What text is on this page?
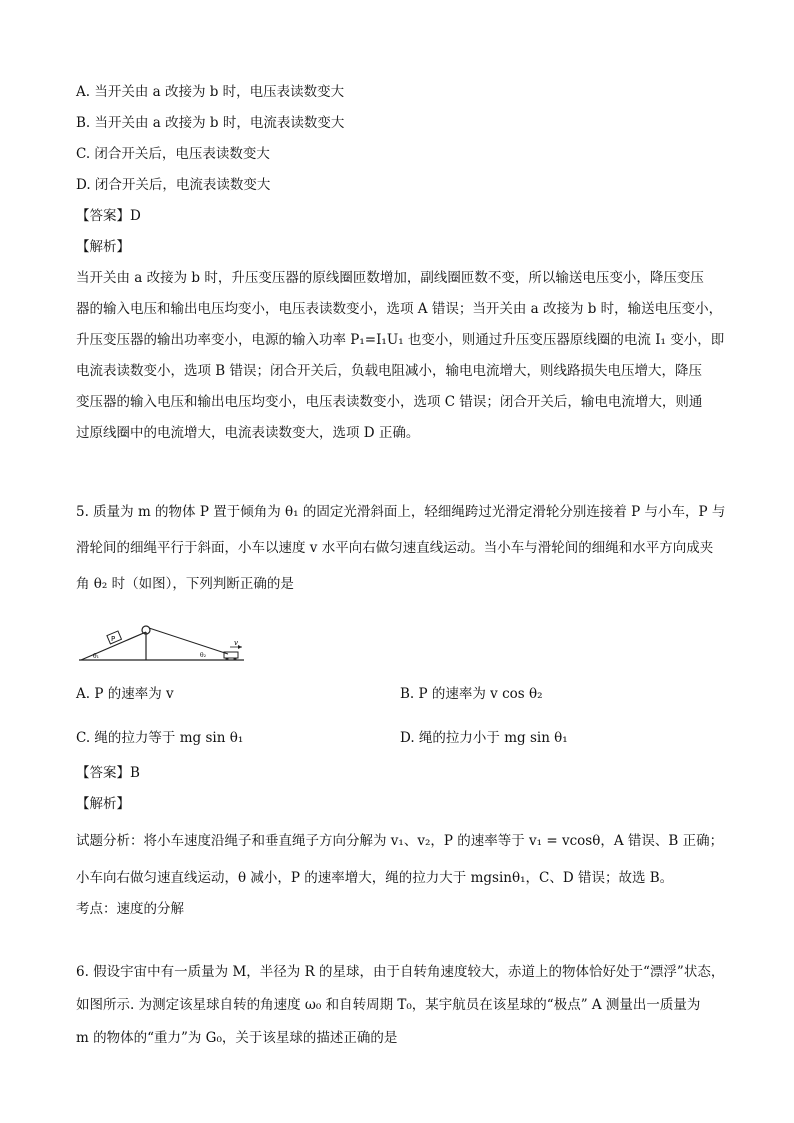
A. 当开关由 a 改接为 b 时，电压表读数变大
B. 当开关由 a 改接为 b 时，电流表读数变大
C. 闭合开关后，电压表读数变大
D. 闭合开关后，电流表读数变大
【答案】D
【解析】
当开关由 a 改接为 b 时，升压变压器的原线圈匝数增加，副线圈匝数不变，所以输送电压变小，降压变压
器的输入电压和输出电压均变小，电压表读数变小，选项 A 错误；当开关由 a 改接为 b 时，输送电压变小，
升压变压器的输出功率变小，电源的输入功率 P₁=I₁U₁ 也变小，则通过升压变压器原线圈的电流 I₁ 变小，即
电流表读数变小，选项 B 错误；闭合开关后，负载电阻减小，输电电流增大，则线路损失电压增大，降压
变压器的输入电压和输出电压均变小，电压表读数变小，选项 C 错误；闭合开关后，输电电流增大，则通
过原线圈中的电流增大，电流表读数变大，选项 D 正确。
5. 质量为 m 的物体 P 置于倾角为 θ₁ 的固定光滑斜面上，轻细绳跨过光滑定滑轮分别连接着 P 与小车，P 与
滑轮间的细绳平行于斜面，小车以速度 v 水平向右做匀速直线运动。当小车与滑轮间的细绳和水平方向成夹
角 θ₂ 时（如图），下列判断正确的是
P	v
θ₁	θ₂
A. P 的速率为 v	B. P 的速率为 v cos θ₂
C. 绳的拉力等于 mg sin θ₁	D. 绳的拉力小于 mg sin θ₁
【答案】B
【解析】
试题分析：将小车速度沿绳子和垂直绳子方向分解为 v₁、v₂，P 的速率等于 v₁ = vcosθ，A 错误、B 正确；
小车向右做匀速直线运动，θ 减小，P 的速率增大，绳的拉力大于 mgsinθ₁，C、D 错误；故选 B。
考点：速度的分解
6. 假设宇宙中有一质量为 M，半径为 R 的星球，由于自转角速度较大，赤道上的物体恰好处于“漂浮”状态，
如图所示. 为测定该星球自转的角速度 ω₀ 和自转周期 T₀，某宇航员在该星球的“极点” A 测量出一质量为
m 的物体的“重力”为 G₀，关于该星球的描述正确的是
